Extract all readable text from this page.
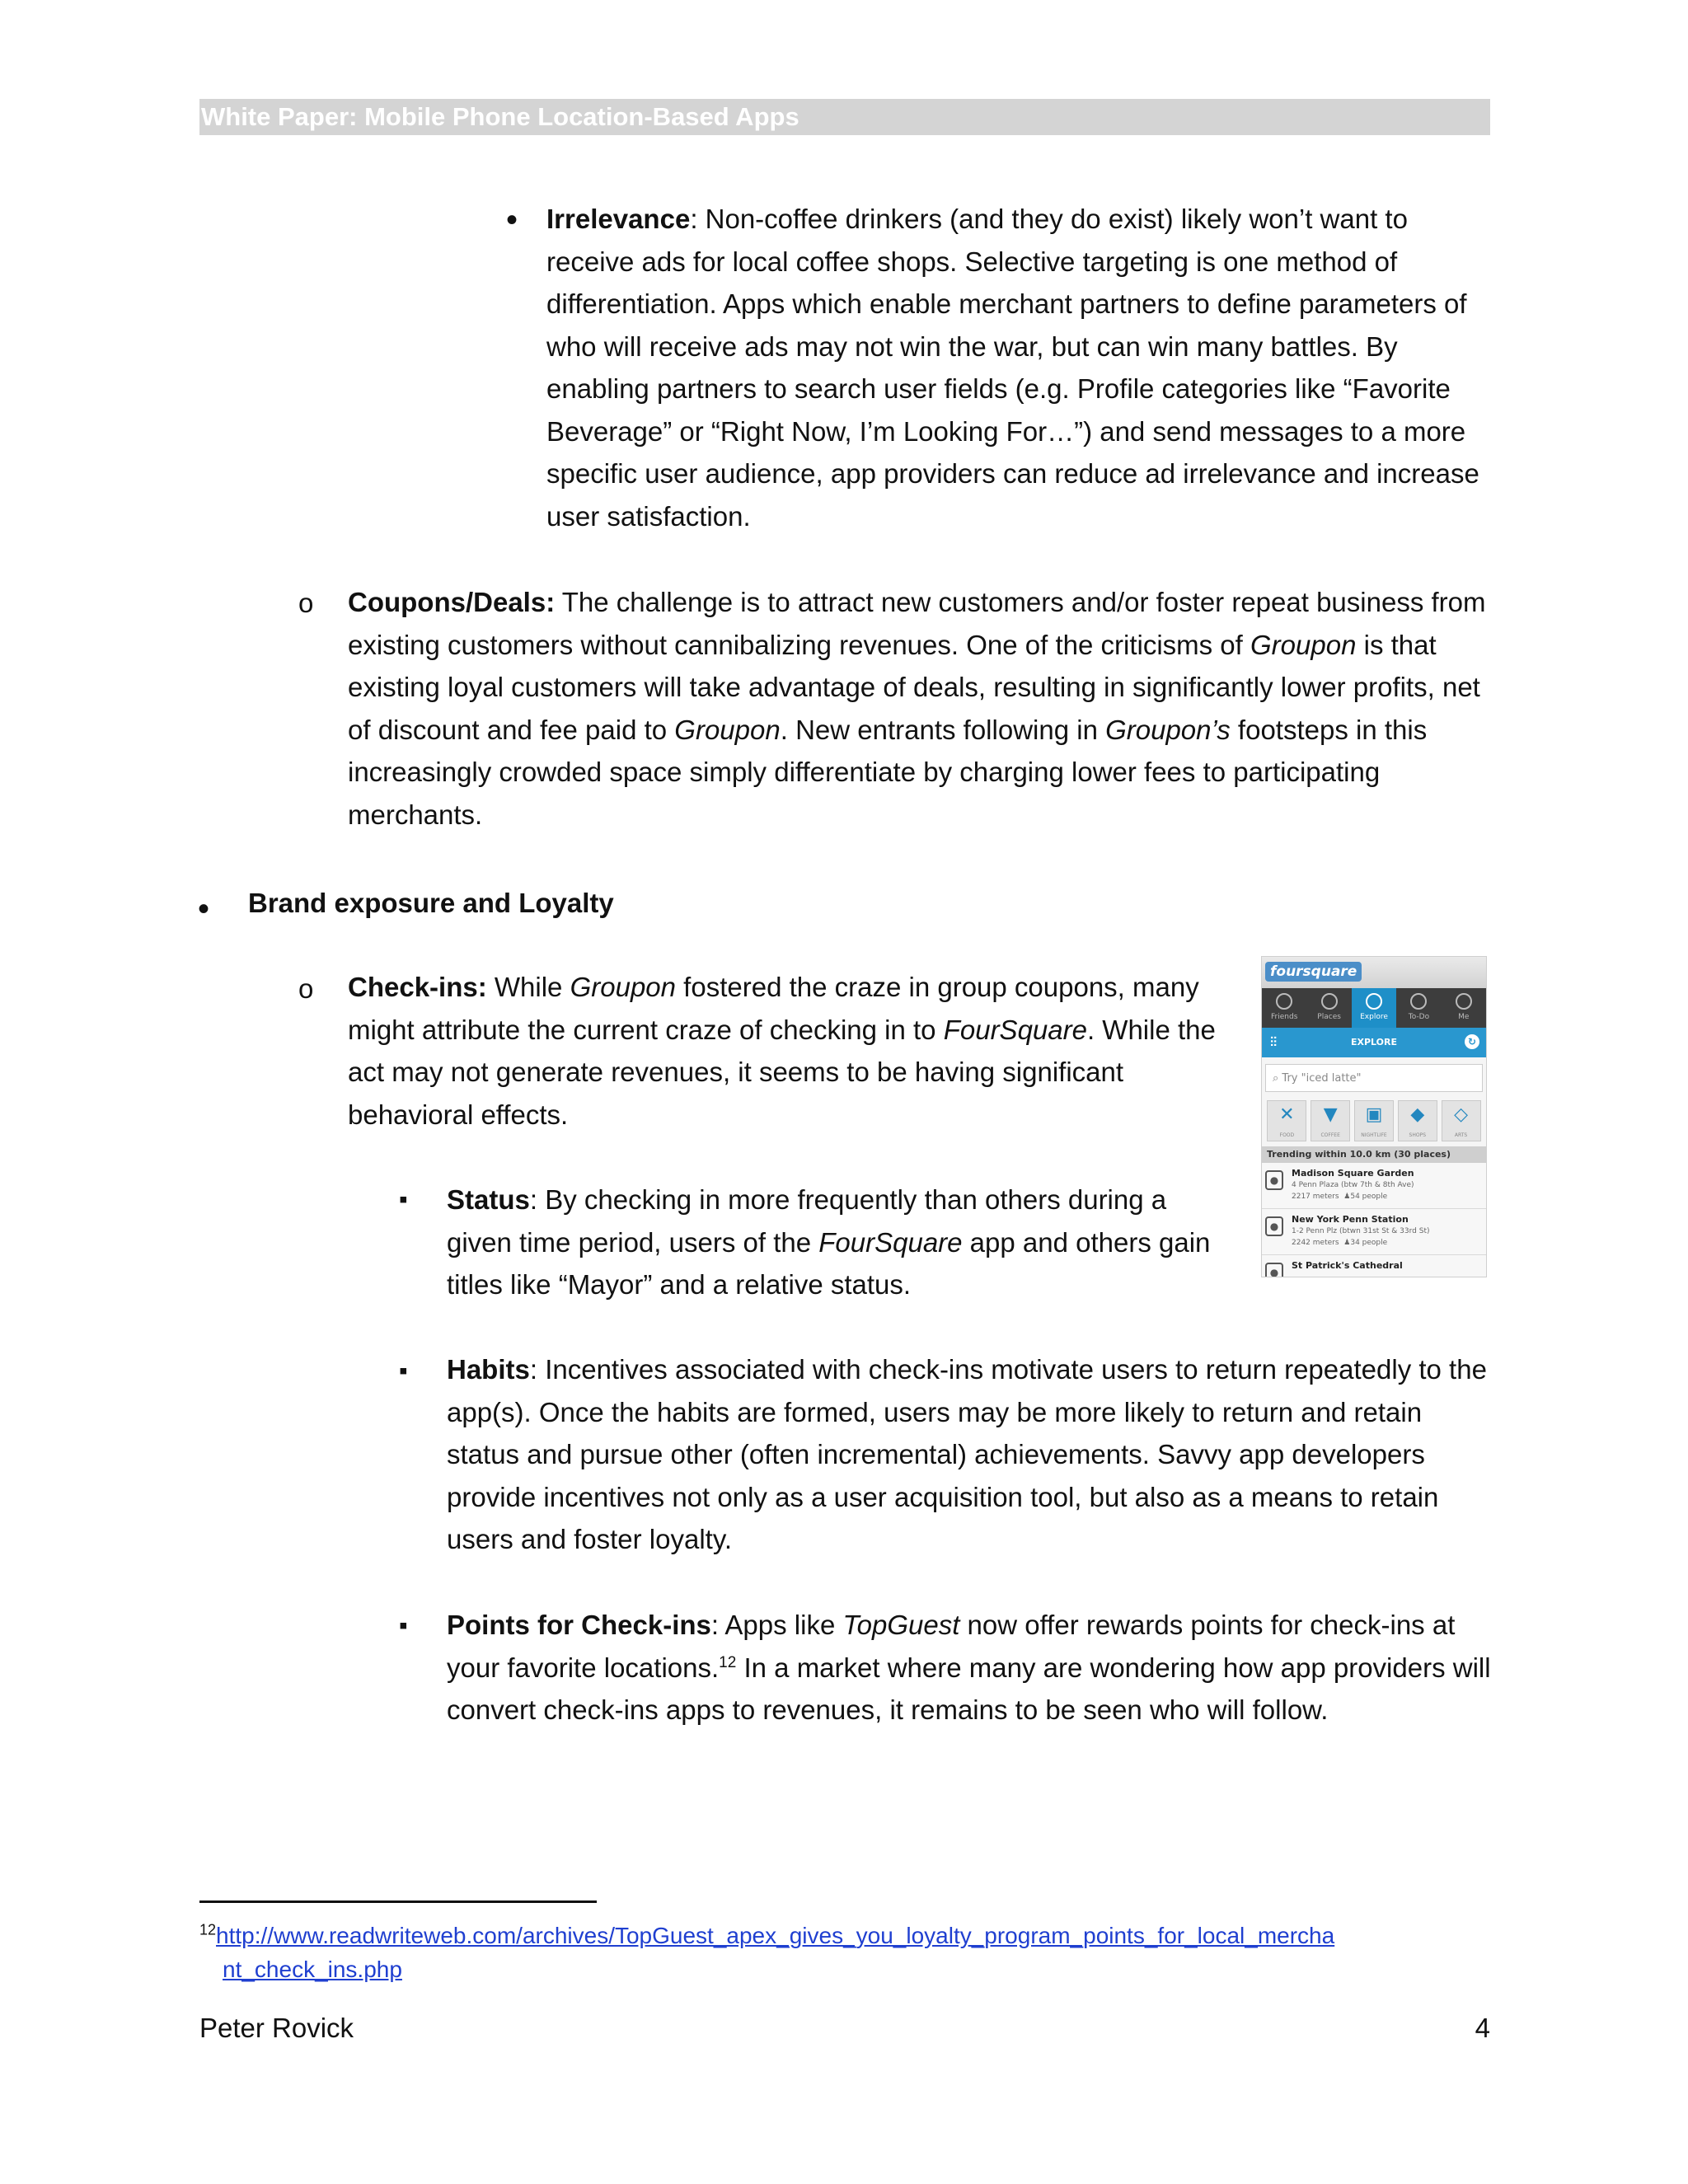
White Paper: Mobile Phone Location-Based Apps
• Irrelevance: Non-coffee drinkers (and they do exist) likely won’t want to receive ads for local coffee shops. Selective targeting is one method of differentiation. Apps which enable merchant partners to define parameters of who will receive ads may not win the war, but can win many battles. By enabling partners to search user fields (e.g. Profile categories like “Favorite Beverage” or “Right Now, I’m Looking For…”) and send messages to a more specific user audience, app providers can reduce ad irrelevance and increase user satisfaction.
o Coupons/Deals: The challenge is to attract new customers and/or foster repeat business from existing customers without cannibalizing revenues. One of the criticisms of Groupon is that existing loyal customers will take advantage of deals, resulting in significantly lower profits, net of discount and fee paid to Groupon. New entrants following in Groupon’s footsteps in this increasingly crowded space simply differentiate by charging lower fees to participating merchants.
• Brand exposure and Loyalty
o Check-ins: While Groupon fostered the craze in group coupons, many might attribute the current craze of checking in to FourSquare. While the act may not generate revenues, it seems to be having significant behavioral effects.
▪ Status: By checking in more frequently than others during a given time period, users of the FourSquare app and others gain titles like “Mayor” and a relative status.
foursquare
Friends	Places	Explore	To-Do	Me
⫶⫶	EXPLORE	↻
⌕ Try "iced latte"
✕
FOOD
▼
COFFEE
▣
NIGHTLIFE
◆
SHOPS
◇
ARTS
Trending within 10.0 km (30 places)
●
Madison Square Garden
4 Penn Plaza (btw 7th & 8th Ave)
2217 meters ♟54 people
●
New York Penn Station
1-2 Penn Plz (btwn 31st St & 33rd St)
2242 meters ♟34 people
●
St Patrick's Cathedral
▪ Habits: Incentives associated with check-ins motivate users to return repeatedly to the app(s). Once the habits are formed, users may be more likely to return and retain status and pursue other (often incremental) achievements. Savvy app developers provide incentives not only as a user acquisition tool, but also as a means to retain users and foster loyalty.
▪ Points for Check-ins: Apps like TopGuest now offer rewards points for check-ins at your favorite locations.$^{12}$ In a market where many are wondering how app providers will convert check-ins apps to revenues, it remains to be seen who will follow.
$^{12}$http://www.readwriteweb.com/archives/TopGuest_apex_gives_you_loyalty_program_points_for_local_mercha
nt_check_ins.php
Peter Rovick	4
